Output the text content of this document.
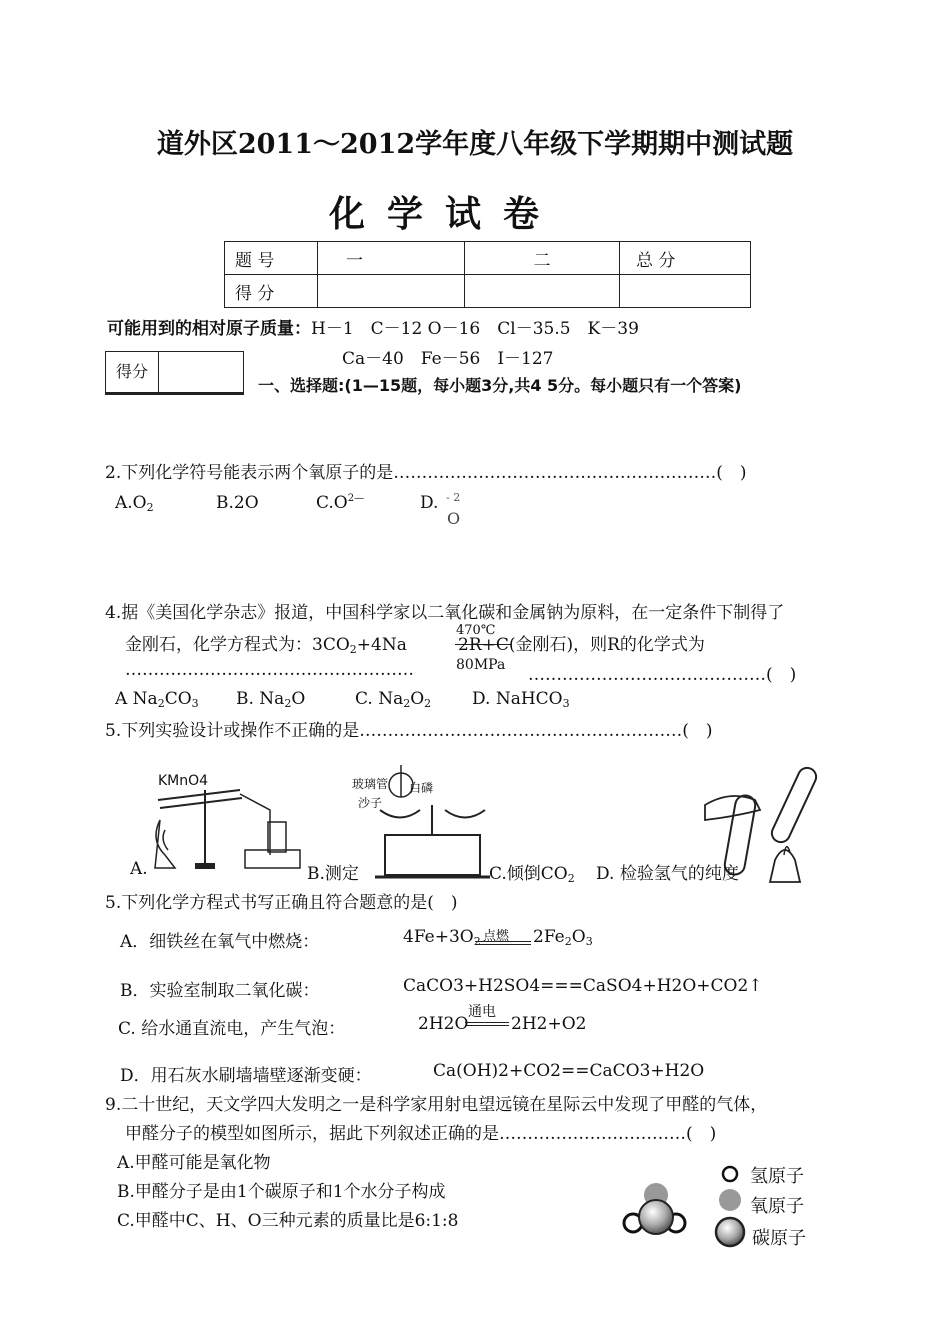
道外区2011～2012学年度八年级下学期期中测试题
化学试卷
题 号	一	二	总 分
得 分			
可能用到的相对原子质量：H－1　C－12 O－16　Cl－35.5　K－39
Ca－40　Fe－56　I－127
得分
一、选择题:(1—15题，每小题3分,共4 5分。每小题只有一个答案)
2.下列化学符号能表示两个氧原子的是…………………………………………………(　)
$A.O_2$	B.2O	$C.O^{2—}$	D. - 2
O
4.据《美国化学杂志》报道，中国科学家以二氧化碳和金属钠为原料，在一定条件下制得了
金刚石，化学方程式为：$3CO_2+4Na$
470℃
80MPa
2R+C(金刚石)，则R的化学式为
……………………………………………	……………………………………(　)
A $Na_2CO_3$ B. $Na_2O$	C. $Na_2O_2$ D. NaHCO$_3$
5.下列实验设计或操作不正确的是…………………………………………………(　)
KMnO4	玻璃管 白磷
沙子
A.	B.测定	C.倾倒$CO_2$ D. 检验氢气的纯度
5.下列化学方程式书写正确且符合题意的是(　)
A．细铁丝在氧气中燃烧：	$4Fe+3O_2$ 点燃 $2Fe_2O_3$
B．实验室制取二氧化碳：	CaCO3+H2SO4===CaSO4+H2O+CO2↑
C. 给水通直流电，产生气泡：	2H2O
通电
2H2+O2
D．用石灰水刷墙墙壁逐渐变硬：	Ca(OH)2+CO2==CaCO3+H2O
9.二十世纪，天文学四大发明之一是科学家用射电望远镜在星际云中发现了甲醛的气体，
甲醛分子的模型如图所示，据此下列叙述正确的是……………………………(　)
A.甲醛可能是氧化物
B.甲醛分子是由1个碳原子和1个水分子构成
C.甲醛中C、H、O三种元素的质量比是6:1:8
氢原子
氧原子
碳原子
